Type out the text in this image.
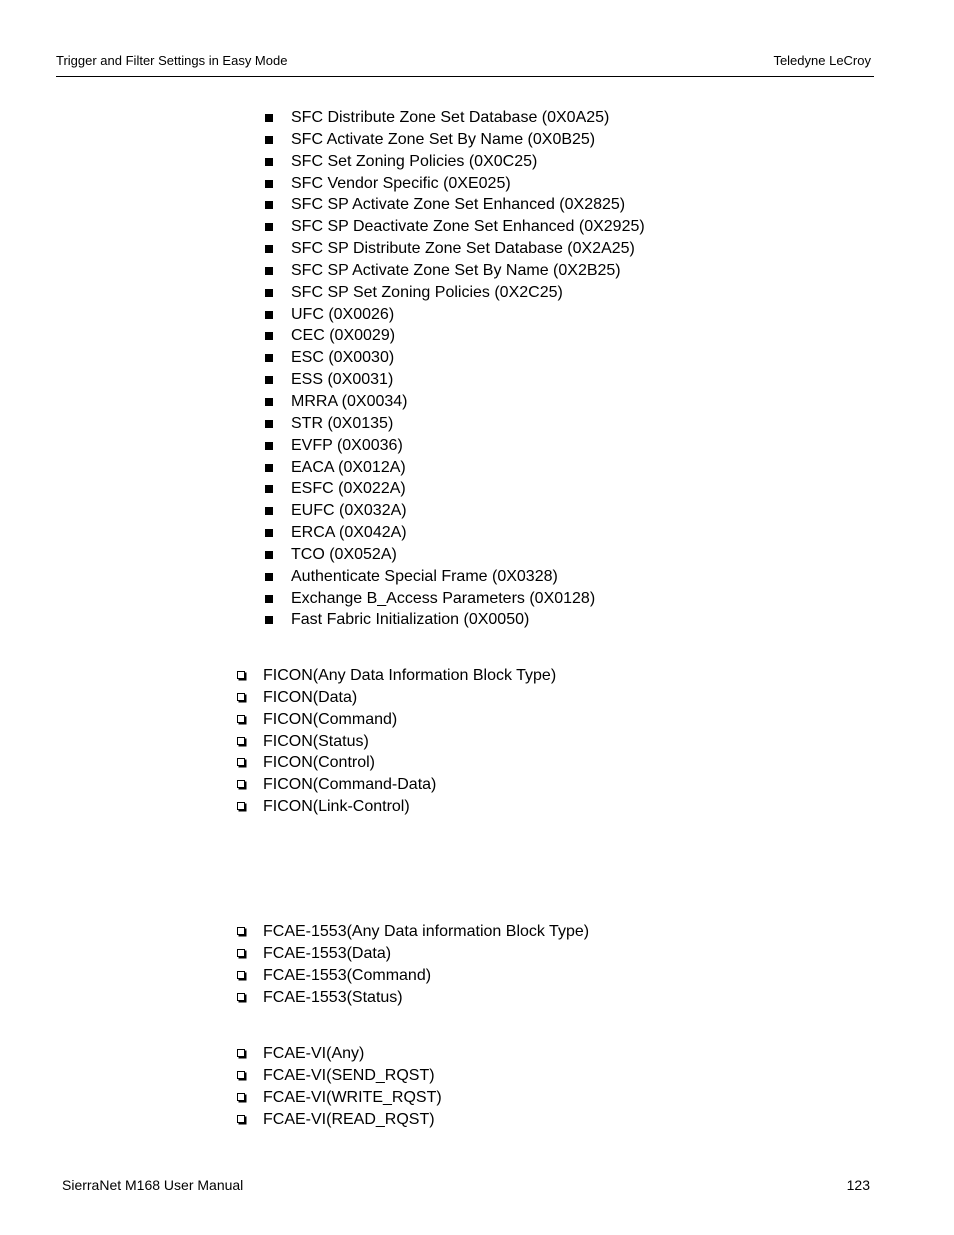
Trigger and Filter Settings in Easy Mode	Teledyne LeCroy
SFC Distribute Zone Set Database (0X0A25)
SFC Activate Zone Set By Name (0X0B25)
SFC Set Zoning Policies (0X0C25)
SFC Vendor Specific (0XE025)
SFC SP Activate Zone Set Enhanced (0X2825)
SFC SP Deactivate Zone Set Enhanced (0X2925)
SFC SP Distribute Zone Set Database (0X2A25)
SFC SP Activate Zone Set By Name (0X2B25)
SFC SP Set Zoning Policies (0X2C25)
UFC (0X0026)
CEC (0X0029)
ESC (0X0030)
ESS (0X0031)
MRRA (0X0034)
STR (0X0135)
EVFP (0X0036)
EACA (0X012A)
ESFC (0X022A)
EUFC (0X032A)
ERCA (0X042A)
TCO (0X052A)
Authenticate Special Frame (0X0328)
Exchange B_Access Parameters (0X0128)
Fast Fabric Initialization (0X0050)
FICON(Any Data Information Block Type)
FICON(Data)
FICON(Command)
FICON(Status)
FICON(Control)
FICON(Command-Data)
FICON(Link-Control)
FCAE-1553(Any Data information Block Type)
FCAE-1553(Data)
FCAE-1553(Command)
FCAE-1553(Status)
FCAE-VI(Any)
FCAE-VI(SEND_RQST)
FCAE-VI(WRITE_RQST)
FCAE-VI(READ_RQST)
SierraNet M168 User Manual	123
